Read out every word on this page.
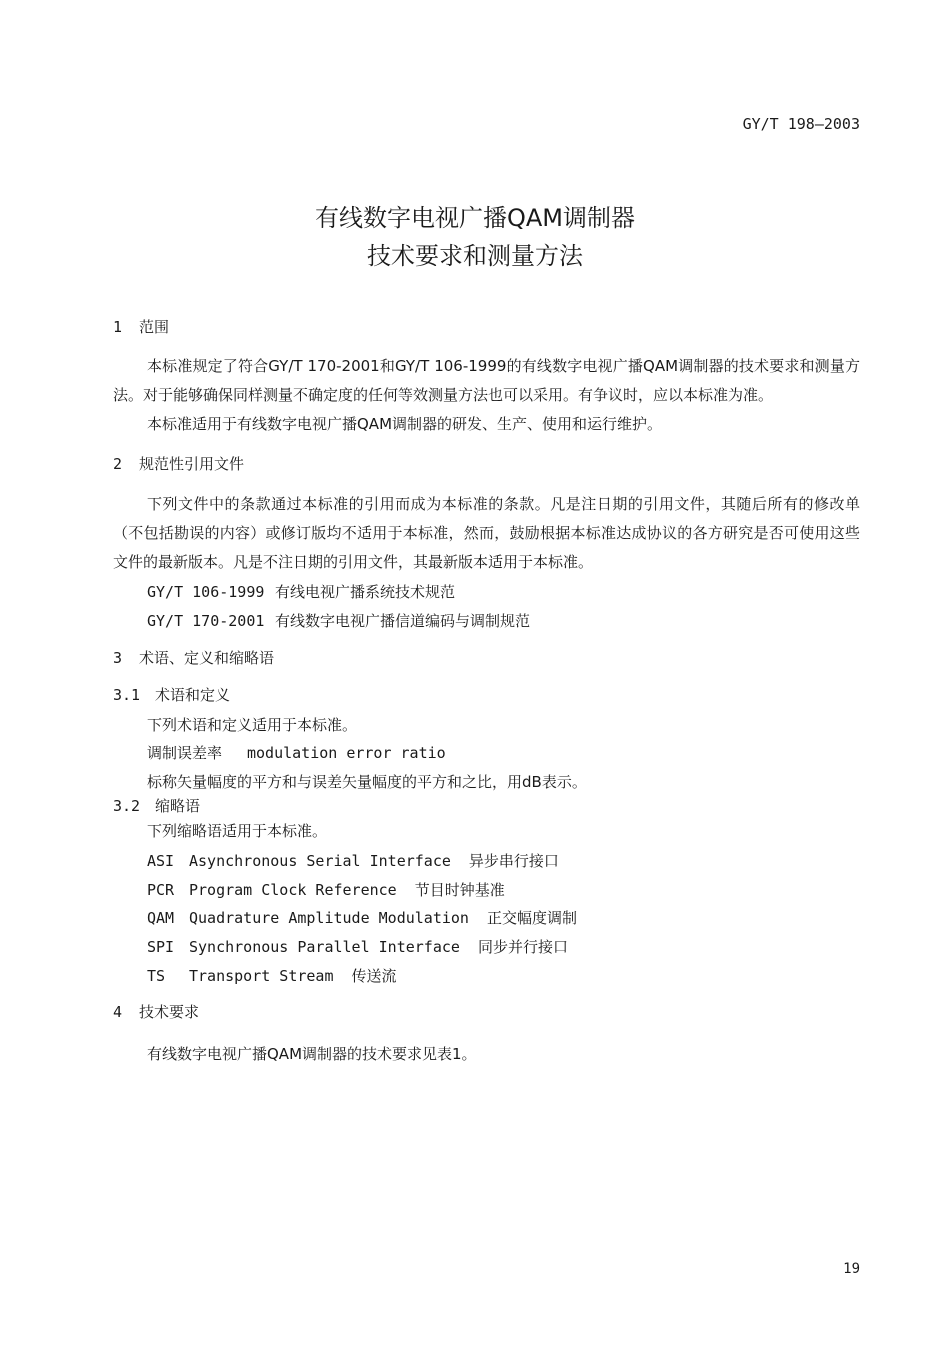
GY/T 198—2003
有线数字电视广播QAM调制器
技术要求和测量方法
1 范围
本标准规定了符合GY/T 170-2001和GY/T 106-1999的有线数字电视广播QAM调制器的技术要求和测量方法。对于能够确保同样测量不确定度的任何等效测量方法也可以采用。有争议时，应以本标准为准。
本标准适用于有线数字电视广播QAM调制器的研发、生产、使用和运行维护。
2 规范性引用文件
下列文件中的条款通过本标准的引用而成为本标准的条款。凡是注日期的引用文件，其随后所有的修改单（不包括勘误的内容）或修订版均不适用于本标准，然而，鼓励根据本标准达成协议的各方研究是否可使用这些文件的最新版本。凡是不注日期的引用文件，其最新版本适用于本标准。
GY/T 106-1999 有线电视广播系统技术规范
GY/T 170-2001 有线数字电视广播信道编码与调制规范
3 术语、定义和缩略语
3.1 术语和定义
下列术语和定义适用于本标准。
调制误差率 modulation error ratio
标称矢量幅度的平方和与误差矢量幅度的平方和之比，用dB表示。
3.2 缩略语
下列缩略语适用于本标准。
ASI Asynchronous Serial Interface 异步串行接口
PCR Program Clock Reference 节目时钟基准
QAM Quadrature Amplitude Modulation 正交幅度调制
SPI Synchronous Parallel Interface 同步并行接口
TS Transport Stream 传送流
4 技术要求
有线数字电视广播QAM调制器的技术要求见表1。
19
